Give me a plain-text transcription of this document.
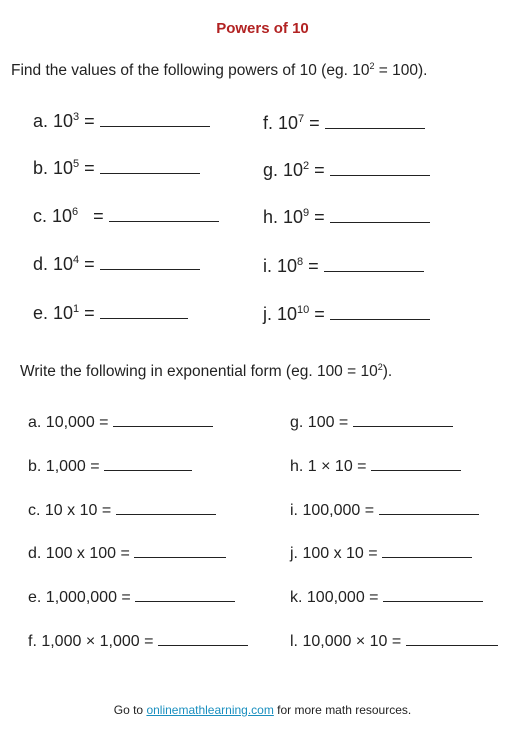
Powers of 10
Find the values of the following powers of 10 (eg. $10^2 = 100$).
a. $10^3$ =
b. $10^5$ =
c. $10^6$   =
d. $10^4$ =
e. $10^1$ =
f. $10^7$ =
g. $10^2$ =
h. $10^9$ =
i. $10^8$ =
j. $10^{10}$ =
Write the following in exponential form (eg. $100 = 10^2$).
a. 10,000 =
b. 1,000 =
c. 10 x 10 =
d. 100 x 100 =
e. 1,000,000 =
f. 1,000 × 1,000 =
g. 100 =
h. 1 × 10 =
i. 100,000 =
j. 100 x 10 =
k. 100,000 =
l. 10,000 × 10 =
Go to onlinemathlearning.com for more math resources.
